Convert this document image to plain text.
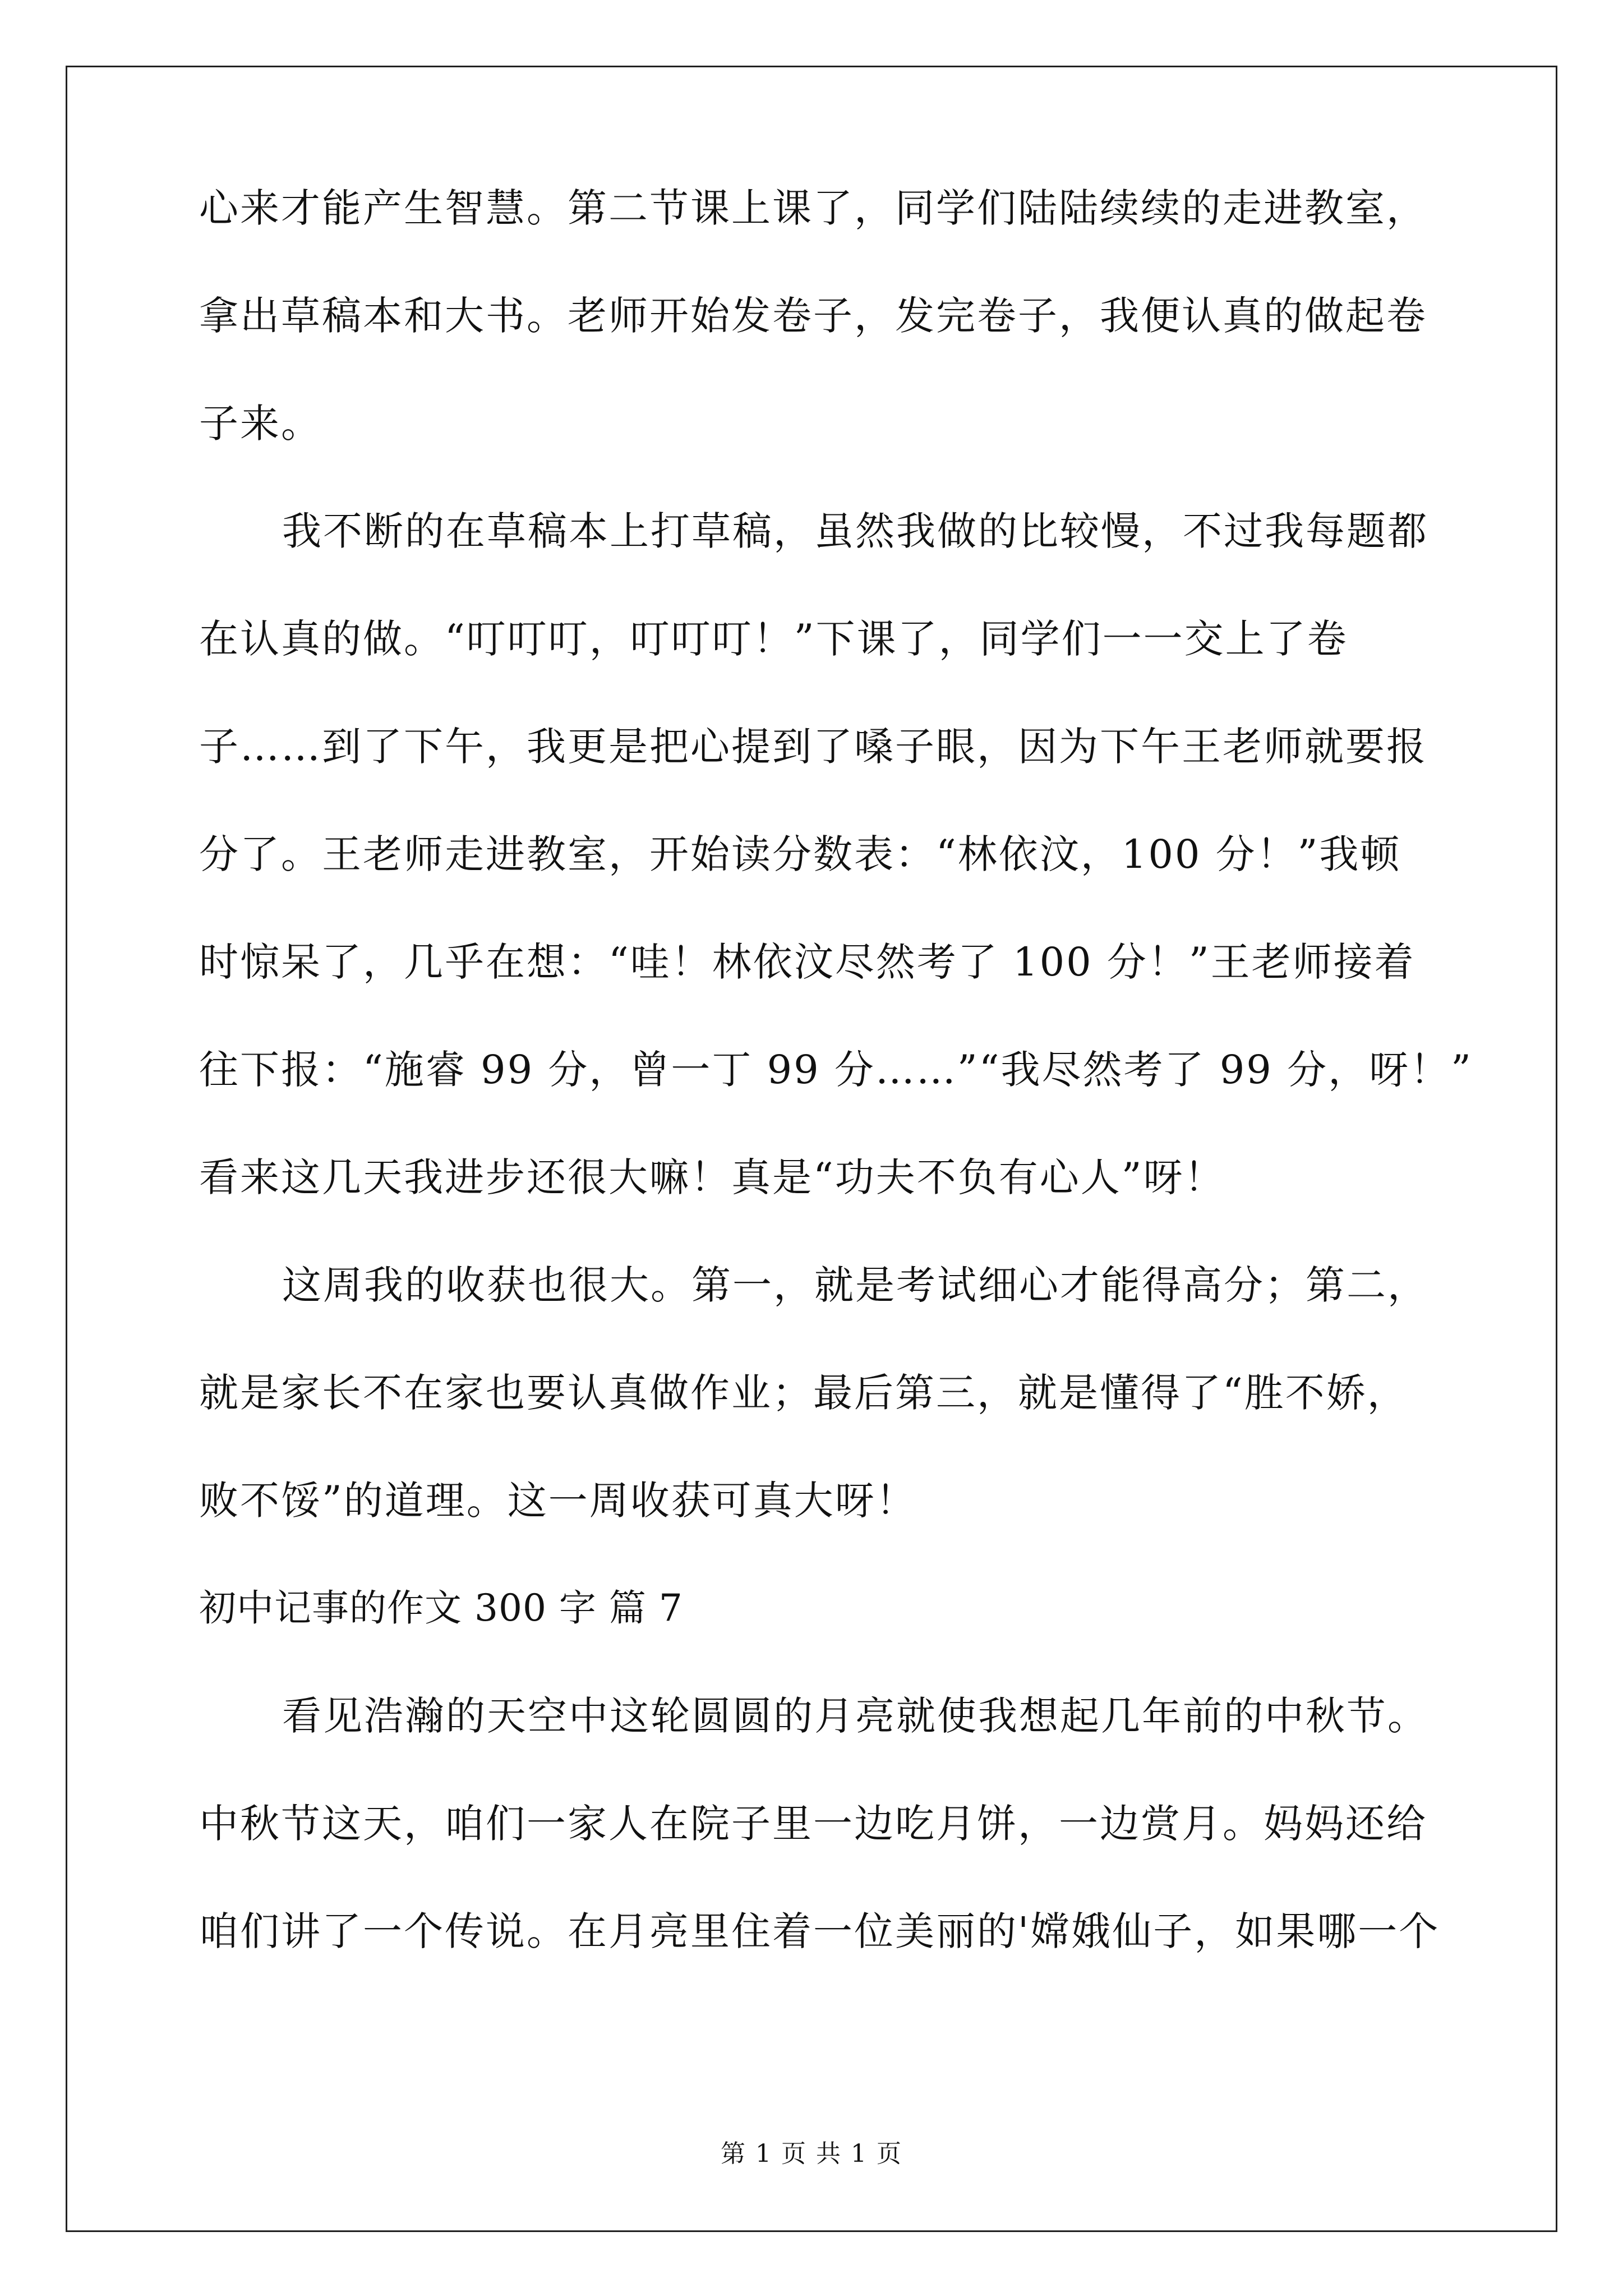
心来才能产生智慧。第二节课上课了，同学们陆陆续续的走进教室，
拿出草稿本和大书。老师开始发卷子，发完卷子，我便认真的做起卷
子来。
我不断的在草稿本上打草稿，虽然我做的比较慢，不过我每题都
在认真的做。“叮叮叮，叮叮叮！”下课了，同学们一一交上了卷
子……到了下午，我更是把心提到了嗓子眼，因为下午王老师就要报
分了。王老师走进教室，开始读分数表：“林依汶，100 分！”我顿
时惊呆了，几乎在想：“哇！林依汶尽然考了 100 分！”王老师接着
往下报：“施睿 99 分，曾一丁 99 分……”“我尽然考了 99 分，呀！”
看来这几天我进步还很大嘛！真是“功夫不负有心人”呀！
这周我的收获也很大。第一，就是考试细心才能得高分；第二，
就是家长不在家也要认真做作业；最后第三，就是懂得了“胜不娇，
败不馁”的道理。这一周收获可真大呀！
初中记事的作文 300 字 篇 7
看见浩瀚的天空中这轮圆圆的月亮就使我想起几年前的中秋节。
中秋节这天，咱们一家人在院子里一边吃月饼，一边赏月。妈妈还给
咱们讲了一个传说。在月亮里住着一位美丽的'嫦娥仙子，如果哪一个
第 1 页 共 1 页
